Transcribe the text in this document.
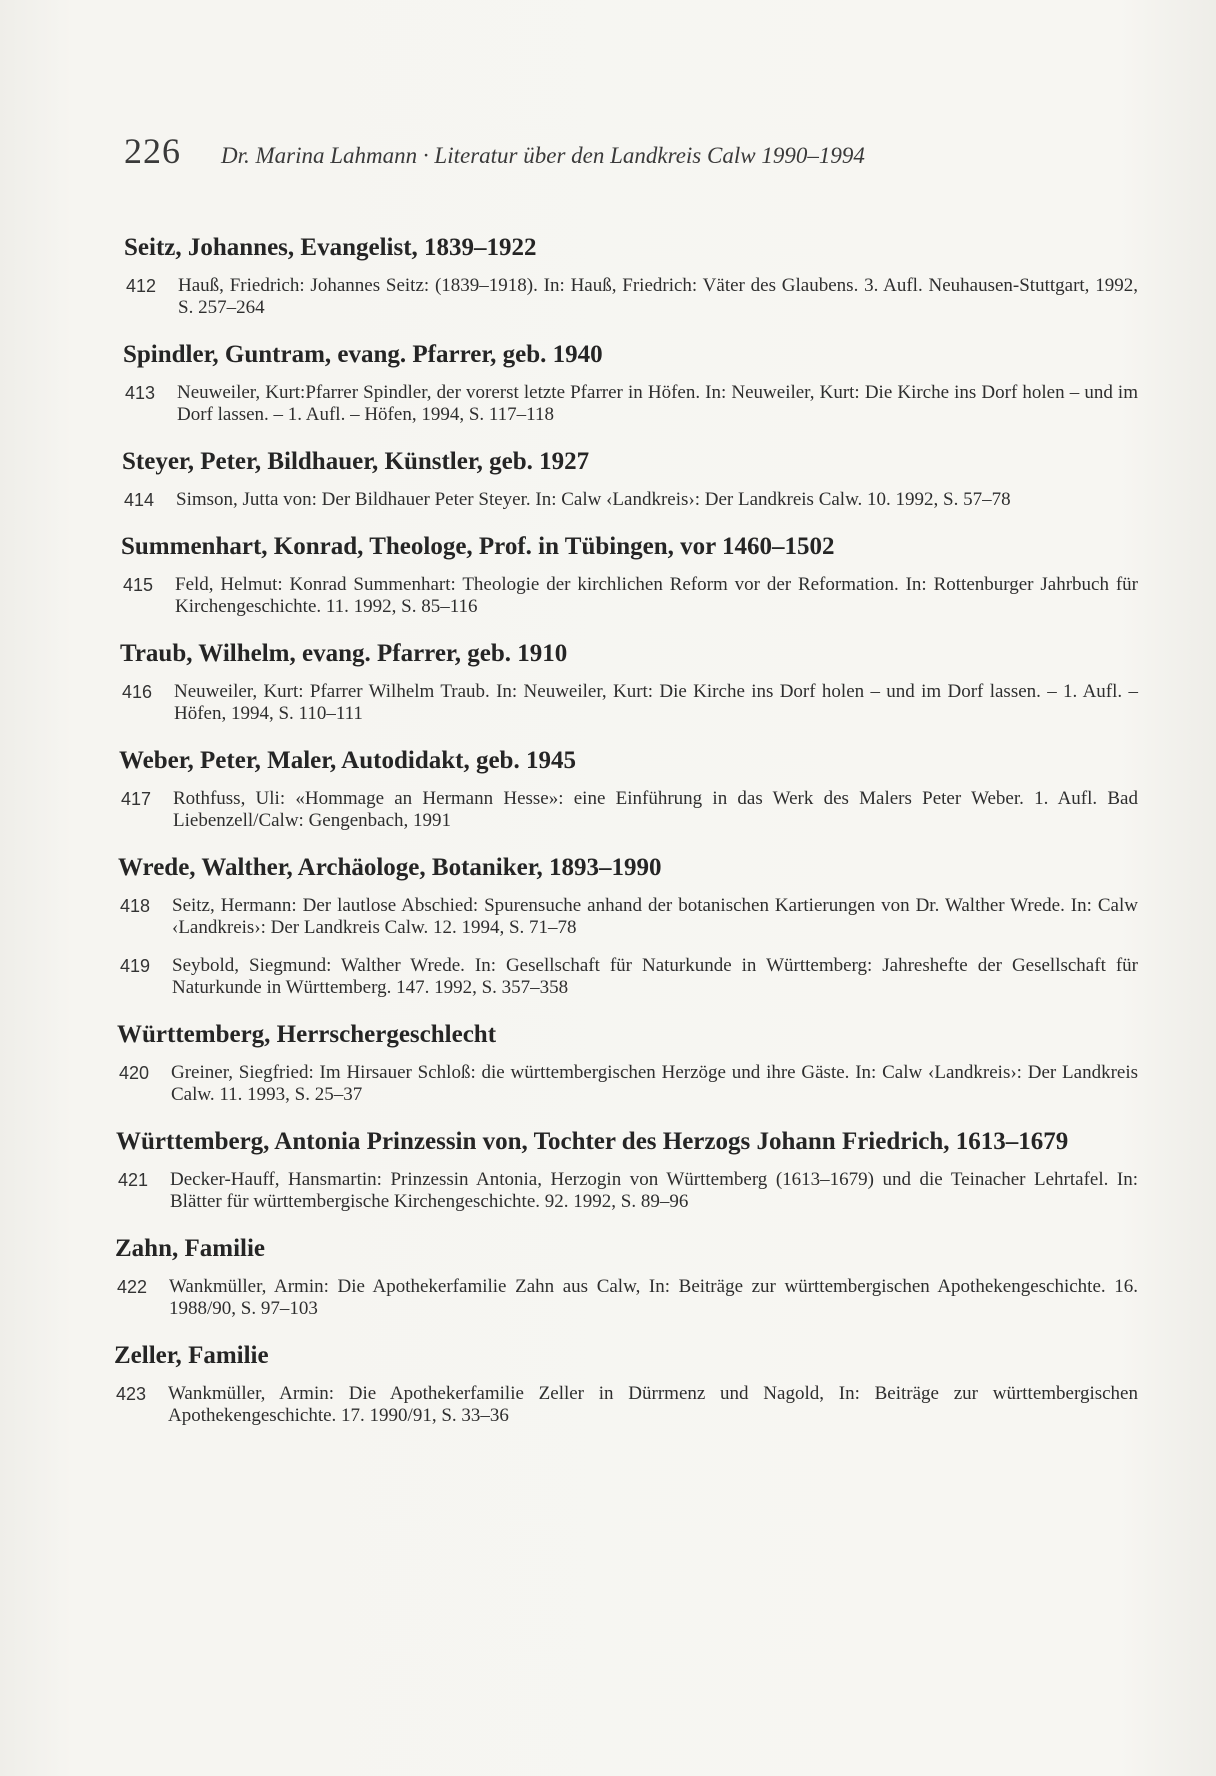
226 Dr. Marina Lahmann · Literatur über den Landkreis Calw 1990–1994
Seitz, Johannes, Evangelist, 1839–1922
412	Hauß, Friedrich: Johannes Seitz: (1839–1918). In: Hauß, Friedrich: Väter des Glaubens. 3. Aufl. Neuhausen-Stuttgart, 1992, S. 257–264
Spindler, Guntram, evang. Pfarrer, geb. 1940
413	Neuweiler, Kurt:Pfarrer Spindler, der vorerst letzte Pfarrer in Höfen. In: Neuweiler, Kurt: Die Kirche ins Dorf holen – und im Dorf lassen. – 1. Aufl. – Höfen, 1994, S. 117–118
Steyer, Peter, Bildhauer, Künstler, geb. 1927
414	Simson, Jutta von: Der Bildhauer Peter Steyer. In: Calw ‹Landkreis›: Der Landkreis Calw. 10. 1992, S. 57–78
Summenhart, Konrad, Theologe, Prof. in Tübingen, vor 1460–1502
415	Feld, Helmut: Konrad Summenhart: Theologie der kirchlichen Reform vor der Reformation. In: Rottenburger Jahrbuch für Kirchengeschichte. 11. 1992, S. 85–116
Traub, Wilhelm, evang. Pfarrer, geb. 1910
416	Neuweiler, Kurt: Pfarrer Wilhelm Traub. In: Neuweiler, Kurt: Die Kirche ins Dorf holen – und im Dorf lassen. – 1. Aufl. – Höfen, 1994, S. 110–111
Weber, Peter, Maler, Autodidakt, geb. 1945
417	Rothfuss, Uli: «Hommage an Hermann Hesse»: eine Einführung in das Werk des Malers Peter Weber. 1. Aufl. Bad Liebenzell/Calw: Gengenbach, 1991
Wrede, Walther, Archäologe, Botaniker, 1893–1990
418	Seitz, Hermann: Der lautlose Abschied: Spurensuche anhand der botanischen Kartierungen von Dr. Walther Wrede. In: Calw ‹Landkreis›: Der Landkreis Calw. 12. 1994, S. 71–78
419	Seybold, Siegmund: Walther Wrede. In: Gesellschaft für Naturkunde in Württemberg: Jahreshefte der Gesellschaft für Naturkunde in Württemberg. 147. 1992, S. 357–358
Württemberg, Herrschergeschlecht
420	Greiner, Siegfried: Im Hirsauer Schloß: die württembergischen Herzöge und ihre Gäste. In: Calw ‹Landkreis›: Der Landkreis Calw. 11. 1993, S. 25–37
Württemberg, Antonia Prinzessin von, Tochter des Herzogs Johann Friedrich, 1613–1679
421	Decker-Hauff, Hansmartin: Prinzessin Antonia, Herzogin von Württemberg (1613–1679) und die Teinacher Lehrtafel. In: Blätter für württembergische Kirchengeschichte. 92. 1992, S. 89–96
Zahn, Familie
422	Wankmüller, Armin: Die Apothekerfamilie Zahn aus Calw, In: Beiträge zur württembergischen Apothekengeschichte. 16. 1988/90, S. 97–103
Zeller, Familie
423	Wankmüller, Armin: Die Apothekerfamilie Zeller in Dürrmenz und Nagold, In: Beiträge zur württembergischen Apothekengeschichte. 17. 1990/91, S. 33–36
